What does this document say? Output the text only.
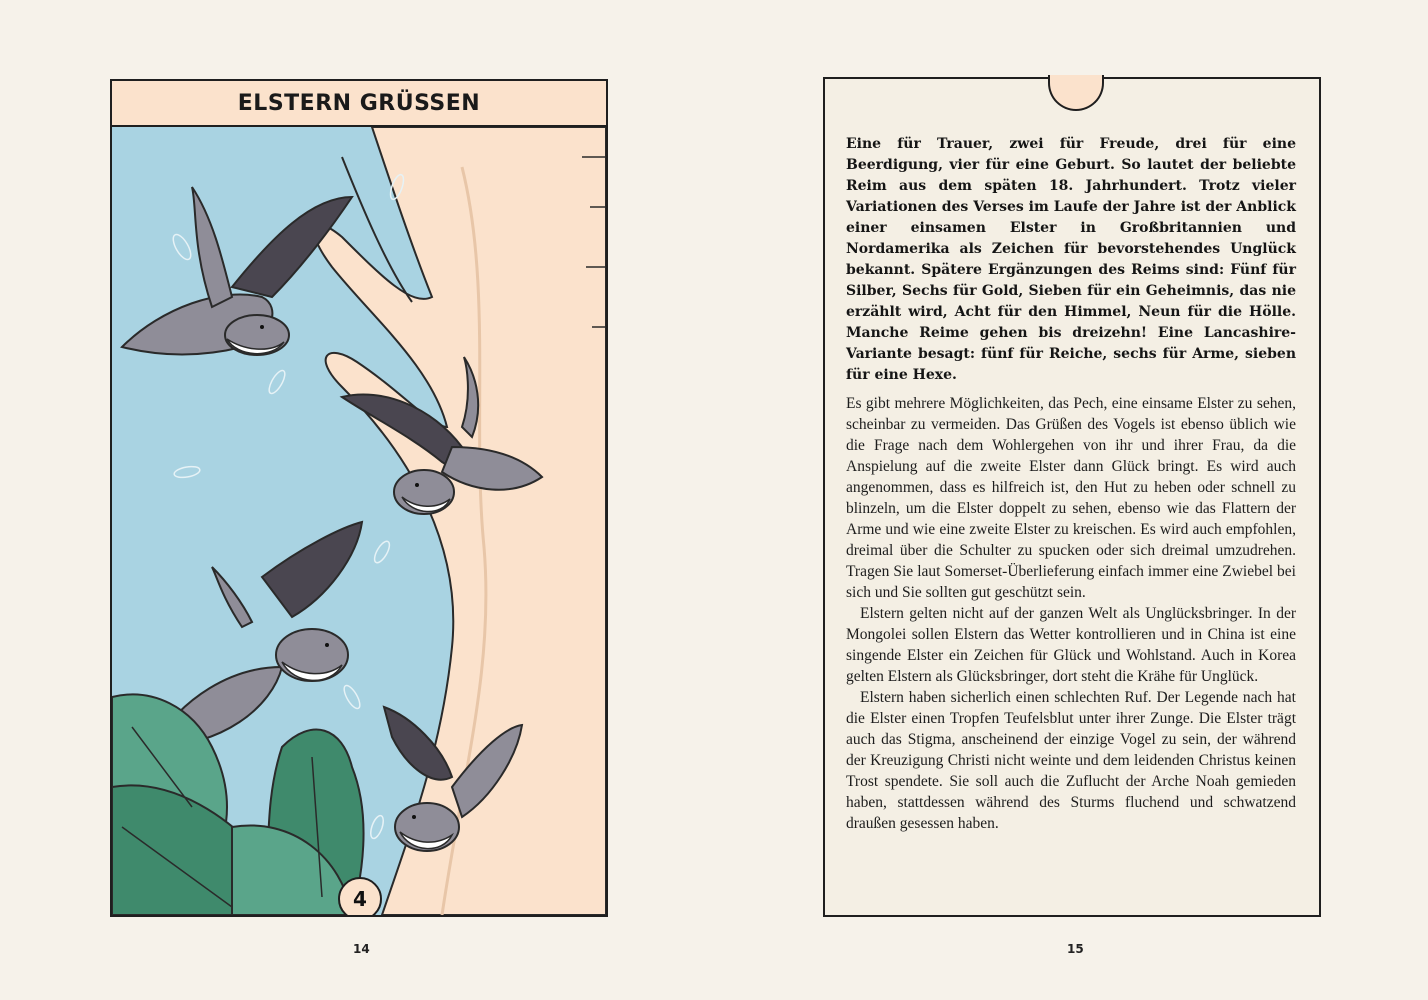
ELSTERN GRÜSSEN
4
14

Eine für Trauer, zwei für Freude, drei für eine Beerdigung, vier für eine Geburt. So lautet der beliebte Reim aus dem späten 18. Jahrhundert. Trotz vieler Variationen des Verses im Laufe der Jahre ist der Anblick einer einsamen Elster in Großbritannien und Nordamerika als Zeichen für bevorstehendes Unglück bekannt. Spätere Ergänzungen des Reims sind: Fünf für Silber, Sechs für Gold, Sieben für ein Geheimnis, das nie erzählt wird, Acht für den Himmel, Neun für die Hölle. Manche Reime gehen bis dreizehn! Eine Lancashire-Variante besagt: fünf für Reiche, sechs für Arme, sieben für eine Hexe.

Es gibt mehrere Möglichkeiten, das Pech, eine einsame Elster zu sehen, scheinbar zu vermeiden. Das Grüßen des Vogels ist ebenso üblich wie die Frage nach dem Wohlergehen von ihr und ihrer Frau, da die Anspielung auf die zweite Elster dann Glück bringt. Es wird auch angenommen, dass es hilfreich ist, den Hut zu heben oder schnell zu blinzeln, um die Elster doppelt zu sehen, ebenso wie das Flattern der Arme und wie eine zweite Elster zu kreischen. Es wird auch empfohlen, dreimal über die Schulter zu spucken oder sich dreimal umzudrehen. Tragen Sie laut Somerset-Überlieferung einfach immer eine Zwiebel bei sich und Sie sollten gut geschützt sein.

Elstern gelten nicht auf der ganzen Welt als Unglücksbringer. In der Mongolei sollen Elstern das Wetter kontrollieren und in China ist eine singende Elster ein Zeichen für Glück und Wohlstand. Auch in Korea gelten Elstern als Glücksbringer, dort steht die Krähe für Unglück.

Elstern haben sicherlich einen schlechten Ruf. Der Legende nach hat die Elster einen Tropfen Teufelsblut unter ihrer Zunge. Die Elster trägt auch das Stigma, anscheinend der einzige Vogel zu sein, der während der Kreuzigung Christi nicht weinte und dem leidenden Christus keinen Trost spendete. Sie soll auch die Zuflucht der Arche Noah gemieden haben, stattdessen während des Sturms fluchend und schwatzend draußen gesessen haben.

15
